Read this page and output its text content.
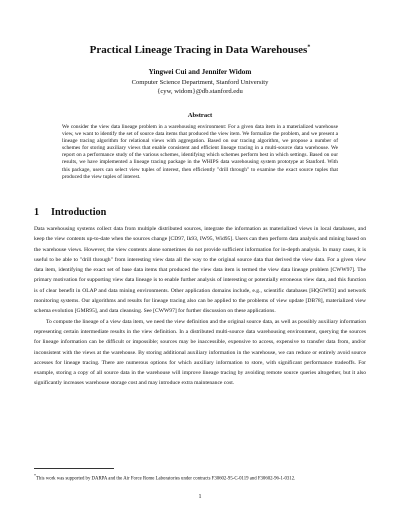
Practical Lineage Tracing in Data Warehouses*
Yingwei Cui and Jennifer Widom
Computer Science Department, Stanford University
{cyw, widom}@db.stanford.edu
Abstract
We consider the view data lineage problem in a warehousing environment: For a given data item in a materialized warehouse view, we want to identify the set of source data items that produced the view item. We formalize the problem, and we present a lineage tracing algorithm for relational views with aggregation. Based on our tracing algorithm, we propose a number of schemes for storing auxiliary views that enable consistent and efficient lineage tracing in a multi-source data warehouse. We report on a performance study of the various schemes, identifying which schemes perform best in which settings. Based on our results, we have implemented a lineage tracing package in the WHIPS data warehousing system prototype at Stanford. With this package, users can select view tuples of interest, then efficiently "drill through" to examine the exact source tuples that produced the view tuples of interest.
1 Introduction

Data warehousing systems collect data from multiple distributed sources, integrate the information as materialized views in local databases, and keep the view contents up-to-date when the sources change [CD97, Ik93, IW95, Wid95]. Users can then perform data analysis and mining based on the warehouse views. However, the view contents alone sometimes do not provide sufficient information for in-depth analysis. In many cases, it is useful to be able to "drill through" from interesting view data all the way to the original source data that derived the view data. For a given view data item, identifying the exact set of base data items that produced the view data item is termed the view data lineage problem [CWW97]. The primary motivation for supporting view data lineage is to enable further analysis of interesting or potentially erroneous view data, and this function is of clear benefit in OLAP and data mining environments. Other application domains include, e.g., scientific databases [HQGW93] and network monitoring systems. Our algorithms and results for lineage tracing also can be applied to the problems of view update [DB78], materialized view schema evolution [GMR95], and data cleansing. See [CWW97] for further discussion on these applications.

To compute the lineage of a view data item, we need the view definition and the original source data, as well as possibly auxiliary information representing certain intermediate results in the view definition. In a distributed multi-source data warehousing environment, querying the sources for lineage information can be difficult or impossible; sources may be inaccessible, expensive to access, expensive to transfer data from, and/or inconsistent with the views at the warehouse. By storing additional auxiliary information in the warehouse, we can reduce or entirely avoid source accesses for lineage tracing. There are numerous options for which auxiliary information to store, with significant performance tradeoffs. For example, storing a copy of all source data in the warehouse will improve lineage tracing by avoiding remote source queries altogether, but it also significantly increases warehouse storage cost and may introduce extra maintenance cost.

*This work was supported by DARPA and the Air Force Rome Laboratories under contracts F30602-95-C-0119 and F30602-96-1-0312.
1
